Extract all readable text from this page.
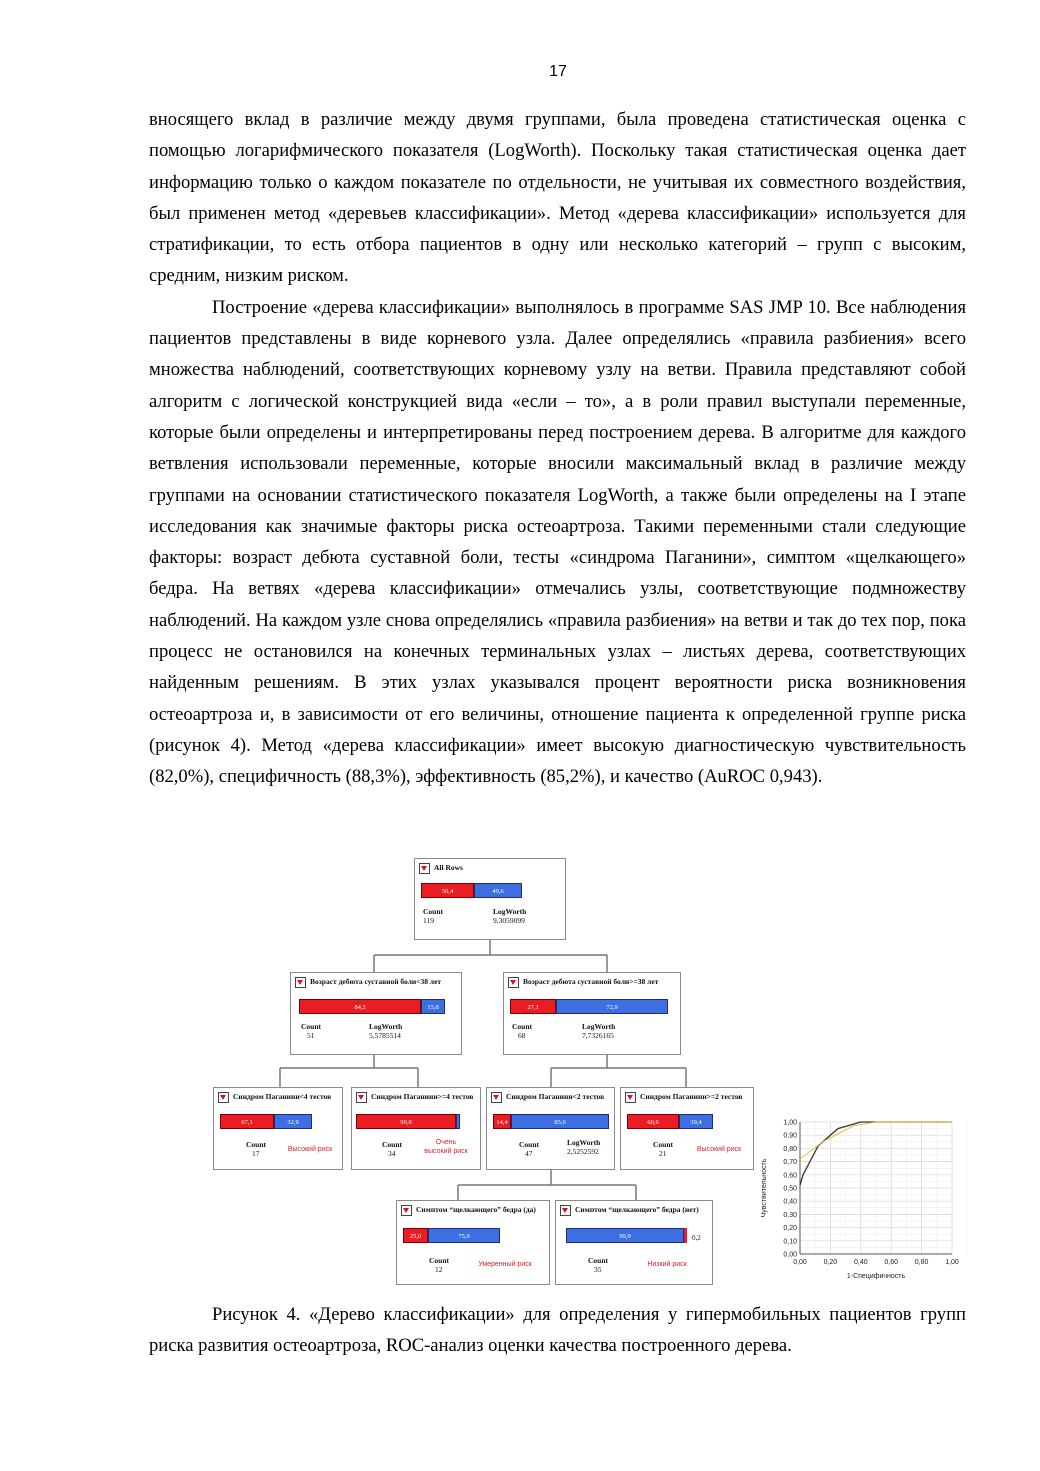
17

вносящего вклад в различие между двумя группами, была проведена статистическая оценка с помощью логарифмического показателя (LogWorth). Поскольку такая статистическая оценка дает информацию только о каждом показателе по отдельности, не учитывая их совместного воздействия, был применен метод «деревьев классификации». Метод «дерева классификации» используется для стратификации, то есть отбора пациентов в одну или несколько категорий – групп с высоким, средним, низким риском.

Построение «дерева классификации» выполнялось в программе SAS JMP 10. Все наблюдения пациентов представлены в виде корневого узла. Далее определялись «правила разбиения» всего множества наблюдений, соответствующих корневому узлу на ветви. Правила представляют собой алгоритм с логической конструкцией вида «если – то», а в роли правил выступали переменные, которые были определены и интерпретированы перед построением дерева. В алгоритме для каждого ветвления использовали переменные, которые вносили максимальный вклад в различие между группами на основании статистического показателя LogWorth, а также были определены на I этапе исследования как значимые факторы риска остеоартроза. Такими переменными стали следующие факторы: возраст дебюта суставной боли, тесты «синдрома Паганини», симптом «щелкающего» бедра. На ветвях «дерева классификации» отмечались узлы, соответствующие подмножеству наблюдений. На каждом узле снова определялись «правила разбиения» на ветви и так до тех пор, пока процесс не остановился на конечных терминальных узлах – листьях дерева, соответствующих найденным решениям. В этих узлах указывался процент вероятности риска возникновения остеоартроза и, в зависимости от его величины, отношение пациента к определенной группе риска (рисунок 4). Метод «дерева классификации» имеет высокую диагностическую чувствительность (82,0%), специфичность (88,3%), эффективность (85,2%), и качество (AuROC 0,943).

All Rows
50,4	49,6
Count
119
LogWorth
9,3059099
Возраст дебюта суставной боли<38 лет
84,2	15,8
Count
51
LogWorth
5,5785514
Возраст дебюта суставной боли>=38 лет
27,1	72,9
Count
68
LogWorth
7,7326165
Синдром Паганини<4 тестов
67,1	32,9
Count
17	Высокий риск
Синдром Паганини>=4 тестов
99,0
Count
34
Очень
высокий риск
Синдром Паганини<2 тестов
14,4	85,6
Count
47
LogWorth
2,5252592
Синдром Паганини>=2 тестов
60,6	39,4
Count
21	Высокий риск
Симптом “щелкающего” бедра (да)
25,0	75,0
Count
12
Умеренный риск
Симптом “щелкающего” бедра (нет)
99,9	0,2
Count
35
Низкий риск
0,00
0,10
0,20
0,30
0,40
0,50
0,60
0,70
0,80
0,90
1,00
0,00 0,20 0,40 0,60 0,80 1,00
1-Специфичность
Чувствительность

Рисунок 4. «Дерево классификации» для определения у гипермобильных пациентов групп риска развития остеоартроза, ROC-анализ оценки качества построенного дерева.
